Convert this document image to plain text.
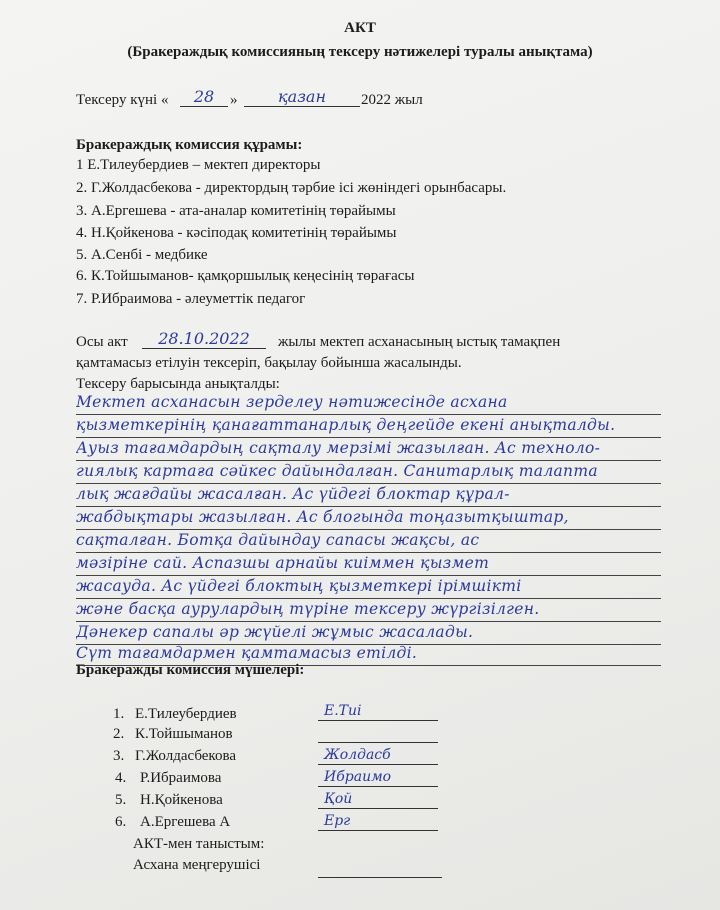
АКТ
(Бракераждық комиссияның тексеру нәтижелері туралы анықтама)
Тексеру күні «	28	»	қазан	2022 жыл
Бракераждық комиссия құрамы:
1 Е.Тилеубердиев – мектеп директоры
2. Г.Жолдасбекова - директордың тәрбие ісі жөніндегі орынбасары.
3. А.Ергешева - ата-аналар комитетінің төрайымы
4. Н.Қойкенова - кәсіподақ комитетінің төрайымы
5. А.Сенбі - медбике
6. К.Тойшыманов- қамқоршылық кеңесінің төрағасы
7. Р.Ибраимова - әлеуметтік педагог
Осы акт	28.10.2022	жылы мектеп асханасының ыстық тамақпен
қамтамасыз етілуін тексеріп, бақылау бойынша жасалынды.
Тексеру барысында анықталды:
Мектеп асханасын зерделеу нәтижесінде асхана
қызметкерінің қанағаттанарлық деңгейде екені анықталды.
Ауыз тағамдардың сақталу мерзімі жазылған. Ас техноло-
гиялық картаға сәйкес дайындалған. Санитарлық талапта
лық жағдайы жасалған. Ас үйдегі блоктар құрал-
жабдықтары жазылған. Ас блогында тоңазытқыштар,
сақталған. Ботқа дайындау сапасы жақсы, ас
мәзіріне сай. Аспазшы арнайы киіммен қызмет
жасауда. Ас үйдегі блоктың қызметкері ірімшікті
және басқа аурулардың түріне тексеру жүргізілген.
Дәнекер сапалы әр жүйелі жұмыс жасалады.
Сүт тағамдармен қамтамасыз етілді.
Бракеражды комиссия мүшелері:
1. Е.Тилеубердиев	Е.Тиі
2. К.Тойшыманов
3. Г.Жолдасбекова	Жолдасб
4. Р.Ибраимова	Ибраимо
5. Н.Қойкенова	Қой
6. А.Ергешева А	Ерг
АКТ-мен таныстым:
Асхана меңгерушісі
